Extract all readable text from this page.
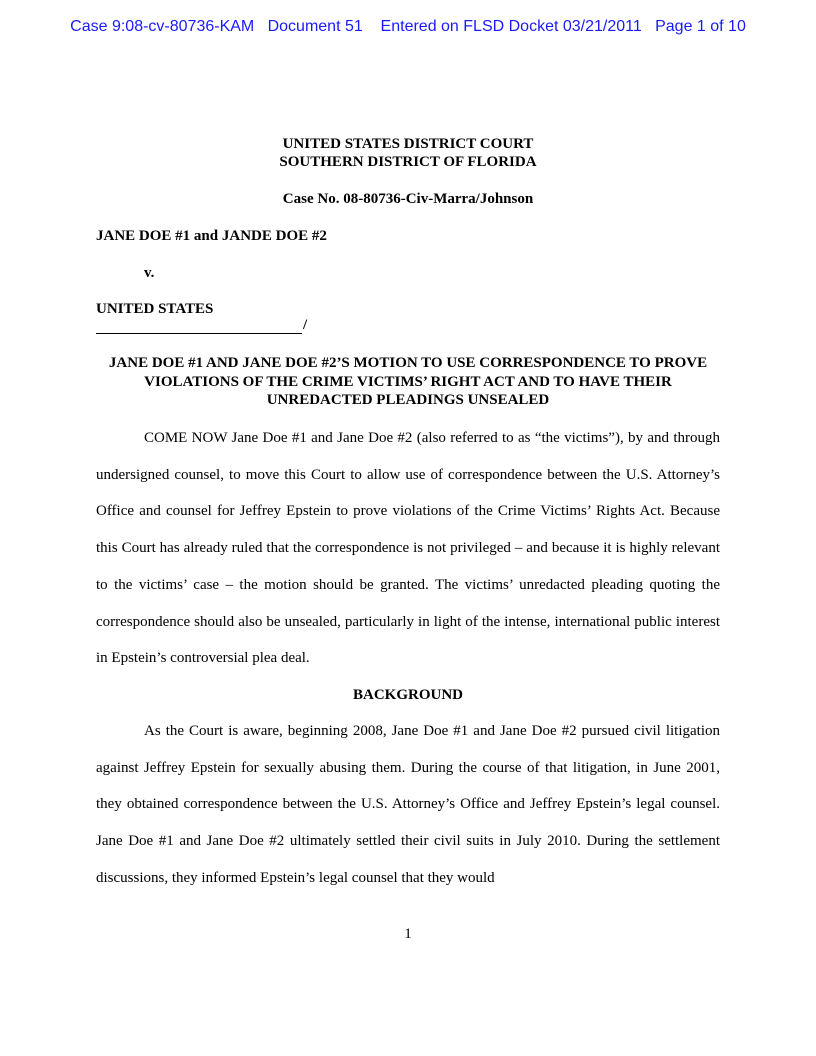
Case 9:08-cv-80736-KAM Document 51 Entered on FLSD Docket 03/21/2011 Page 1 of 10
UNITED STATES DISTRICT COURT
SOUTHERN DISTRICT OF FLORIDA
Case No. 08-80736-Civ-Marra/Johnson
JANE DOE #1 and JANDE DOE #2
v.
UNITED STATES
/
JANE DOE #1 AND JANE DOE #2’S MOTION TO USE CORRESPONDENCE TO PROVE VIOLATIONS OF THE CRIME VICTIMS’ RIGHT ACT AND TO HAVE THEIR UNREDACTED PLEADINGS UNSEALED
COME NOW Jane Doe #1 and Jane Doe #2 (also referred to as “the victims”), by and through undersigned counsel, to move this Court to allow use of correspondence between the U.S. Attorney’s Office and counsel for Jeffrey Epstein to prove violations of the Crime Victims’ Rights Act. Because this Court has already ruled that the correspondence is not privileged – and because it is highly relevant to the victims’ case – the motion should be granted. The victims’ unredacted pleading quoting the correspondence should also be unsealed, particularly in light of the intense, international public interest in Epstein’s controversial plea deal.
BACKGROUND
As the Court is aware, beginning 2008, Jane Doe #1 and Jane Doe #2 pursued civil litigation against Jeffrey Epstein for sexually abusing them. During the course of that litigation, in June 2001, they obtained correspondence between the U.S. Attorney’s Office and Jeffrey Epstein’s legal counsel. Jane Doe #1 and Jane Doe #2 ultimately settled their civil suits in July 2010. During the settlement discussions, they informed Epstein’s legal counsel that they would
1
